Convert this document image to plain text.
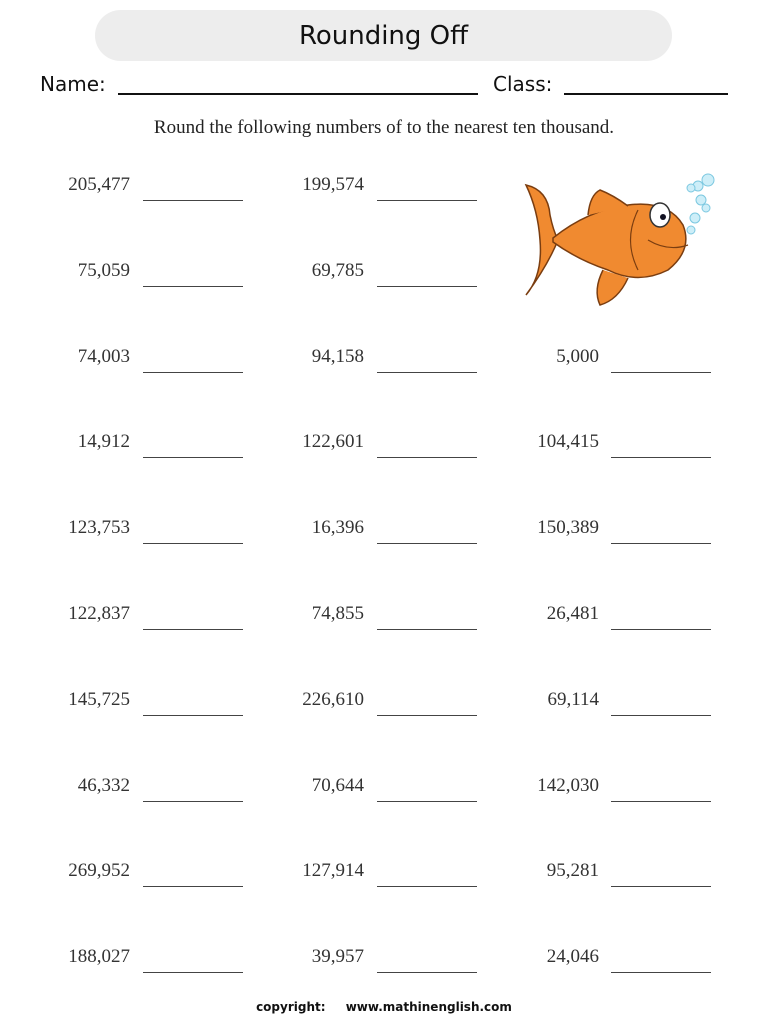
Rounding Off
Name:	Class:
Round the following numbers of to the nearest ten thousand.
205,477	199,574
75,059	69,785
74,003	94,158	5,000
14,912	122,601	104,415
123,753	16,396	150,389
122,837	74,855	26,481
145,725	226,610	69,114
46,332	70,644	142,030
269,952	127,914	95,281
188,027	39,957	24,046
copyright: www.mathinenglish.com
